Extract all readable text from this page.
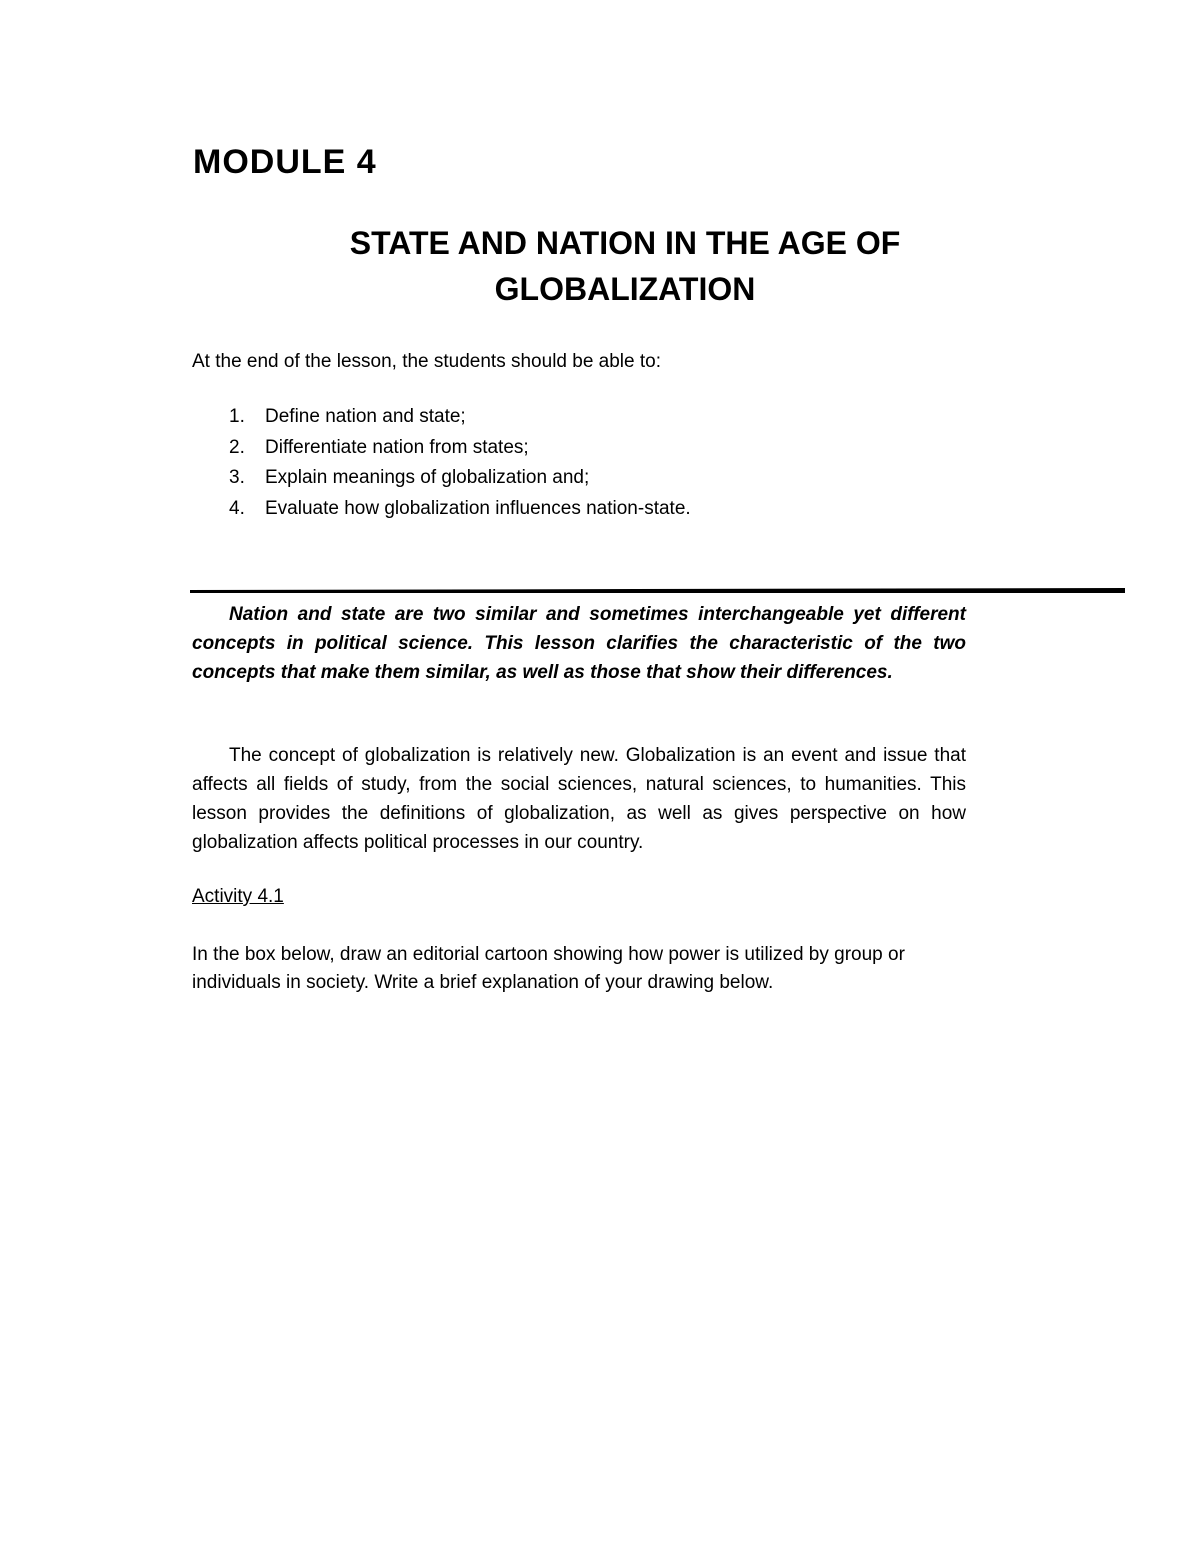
MODULE 4
STATE AND NATION IN THE AGE OF
GLOBALIZATION

At the end of the lesson, the students should be able to:

1.	Define nation and state;
2.	Differentiate nation from states;
3.	Explain meanings of globalization and;
4.	Evaluate how globalization influences nation-state.

Nation and state are two similar and sometimes interchangeable yet different concepts in political science. This lesson clarifies the characteristic of the two concepts that make them similar, as well as those that show their differences.

The concept of globalization is relatively new. Globalization is an event and issue that affects all fields of study, from the social sciences, natural sciences, to humanities. This lesson provides the definitions of globalization, as well as gives perspective on how globalization affects political processes in our country.

Activity 4.1

In the box below, draw an editorial cartoon showing how power is utilized by group or individuals in society. Write a brief explanation of your drawing below.
